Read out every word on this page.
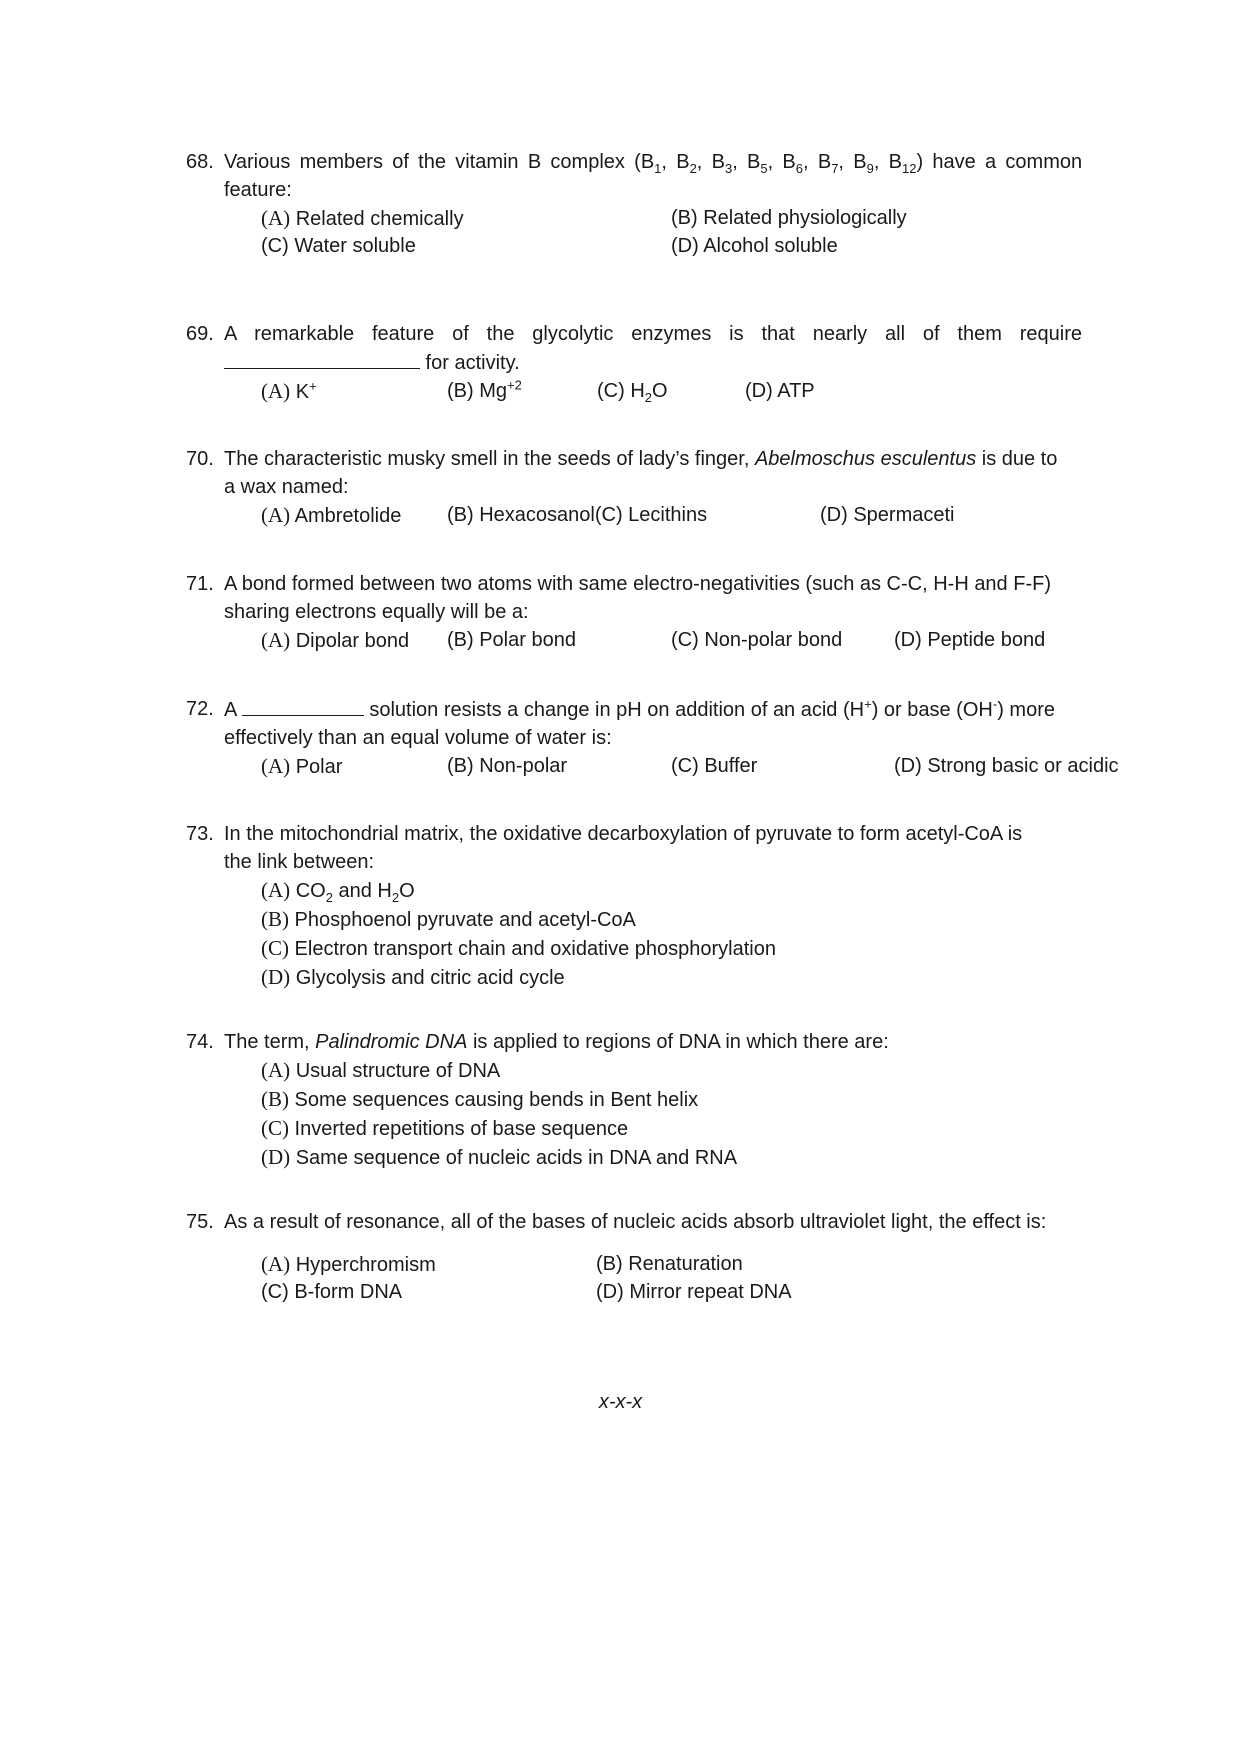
68. Various members of the vitamin B complex ($B_1$, $B_2$, $B_3$, $B_5$, $B_6$, $B_7$, $B_9$, $B_{12}$) have a common
feature:
(A) Related chemically	(B) Related physiologically
(C) Water soluble	(D) Alcohol soluble
69. A remarkable feature of the glycolytic enzymes is that nearly all of them require
for activity.
(A) K+	(B) $Mg^{+2}$	(C) $H_2O$	(D) ATP
70. The characteristic musky smell in the seeds of lady’s finger, Abelmoschus esculentus is due to
a wax named:
(A) Ambretolide (B) Hexacosanol(C) Lecithins	(D) Spermaceti
71. A bond formed between two atoms with same electro-negativities (such as C-C, H-H and F-F)
sharing electrons equally will be a:
(A) Dipolar bond (B) Polar bond	(C) Non-polar bond	(D) Peptide bond
72. A	solution resists a change in pH on addition of an acid (H+) or base (OH-) more
effectively than an equal volume of water is:
(A) Polar	(B) Non-polar	(C) Buffer	(D) Strong basic or acidic
73. In the mitochondrial matrix, the oxidative decarboxylation of pyruvate to form acetyl-CoA is
the link between:
(A) $CO_2$ and $H_2O$
(B) Phosphoenol pyruvate and acetyl-CoA
(C) Electron transport chain and oxidative phosphorylation
(D) Glycolysis and citric acid cycle
74. The term, Palindromic DNA is applied to regions of DNA in which there are:
(A) Usual structure of DNA
(B) Some sequences causing bends in Bent helix
(C) Inverted repetitions of base sequence
(D) Same sequence of nucleic acids in DNA and RNA
75. As a result of resonance, all of the bases of nucleic acids absorb ultraviolet light, the effect is:
(A) Hyperchromism	(B) Renaturation
(C) B-form DNA	(D) Mirror repeat DNA
x-x-x
